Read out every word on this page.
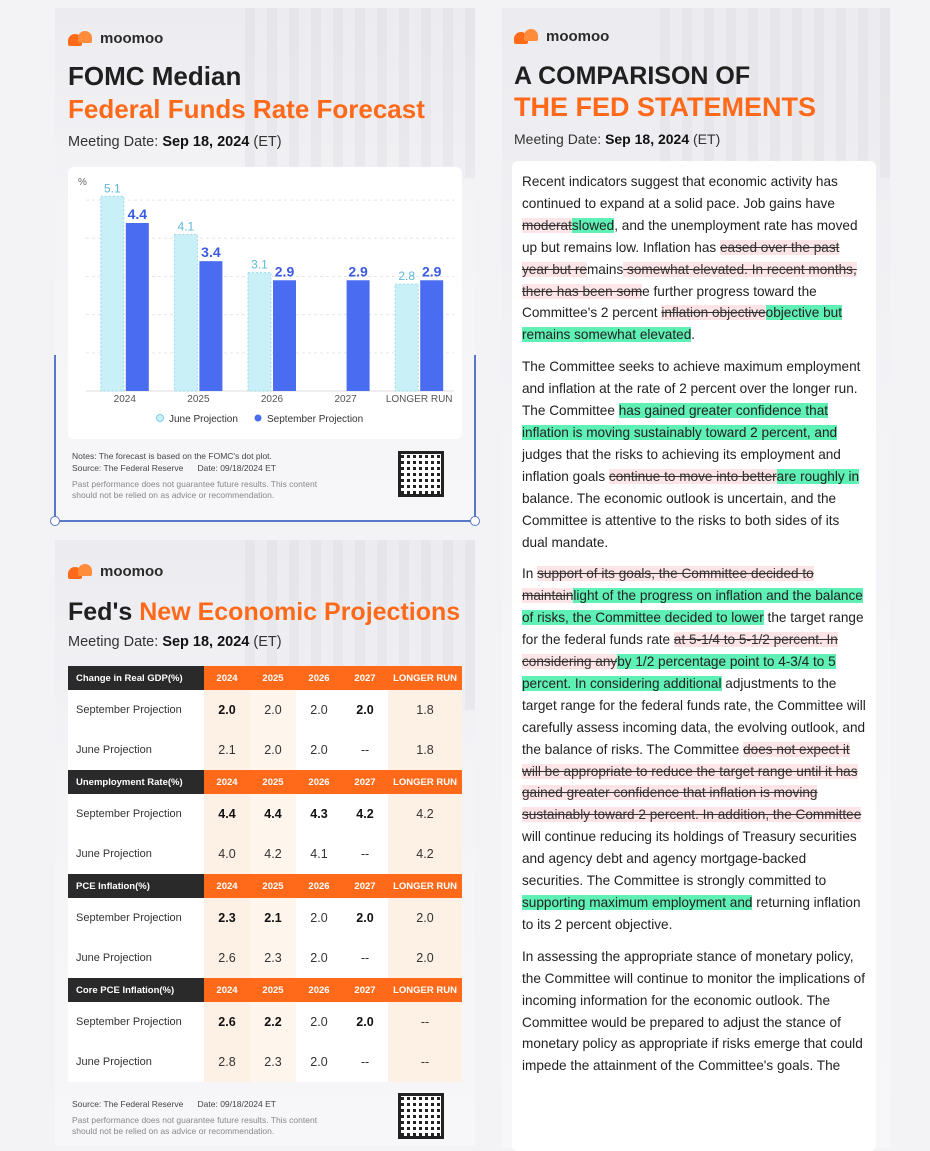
moomoo
FOMC Median
Federal Funds Rate Forecast
Meeting Date: Sep 18, 2024 (ET)
% 5.1
4.4
2024
4.1
3.4
2025
3.1 2.9
2026
2.9
2027
2.8 2.9
LONGER RUN
June Projection	September Projection
Notes: The forecast is based on the FOMC's dot plot.
Source: The Federal Reserve Date: 09/18/2024 ET
Past performance does not guarantee future results. This content
should not be relied on as advice or recommendation.
moomoo
Fed's New Economic Projections
Meeting Date: Sep 18, 2024 (ET)
Change in Real GDP(%)	2024	2025	2026	2027	LONGER RUN
September Projection	2.0	2.0	2.0	2.0	1.8
June Projection	2.1	2.0	2.0	--	1.8
Unemployment Rate(%)	2024	2025	2026	2027	LONGER RUN
September Projection	4.4	4.4	4.3	4.2	4.2
June Projection	4.0	4.2	4.1	--	4.2
PCE Inflation(%)	2024	2025	2026	2027	LONGER RUN
September Projection	2.3	2.1	2.0	2.0	2.0
June Projection	2.6	2.3	2.0	--	2.0
Core PCE Inflation(%)	2024	2025	2026	2027	LONGER RUN
September Projection	2.6	2.2	2.0	2.0	--
June Projection	2.8	2.3	2.0	--	--
Source: The Federal Reserve Date: 09/18/2024 ET
Past performance does not guarantee future results. This content
should not be relied on as advice or recommendation.
moomoo
A COMPARISON OF
THE FED STATEMENTS
Meeting Date: Sep 18, 2024 (ET)

Recent indicators suggest that economic activity has continued to expand at a solid pace. Job gains have moderatslowed, and the unemployment rate has moved up but remains low. Inflation has eased over the past year but remains somewhat elevated. In recent months, there has been some further progress toward the Committee's 2 percent inflation objectiveobjective but remains somewhat elevated.

The Committee seeks to achieve maximum employment and inflation at the rate of 2 percent over the longer run. The Committee has gained greater confidence that inflation is moving sustainably toward 2 percent, and judges that the risks to achieving its employment and inflation goals continue to move into betterare roughly in balance. The economic outlook is uncertain, and the Committee is attentive to the risks to both sides of its dual mandate.

In support of its goals, the Committee decided to maintainlight of the progress on inflation and the balance of risks, the Committee decided to lower the target range for the federal funds rate at 5-1/4 to 5-1/2 percent. In considering anyby 1/2 percentage point to 4-3/4 to 5 percent. In considering additional adjustments to the target range for the federal funds rate, the Committee will carefully assess incoming data, the evolving outlook, and the balance of risks. The Committee does not expect it will be appropriate to reduce the target range until it has gained greater confidence that inflation is moving sustainably toward 2 percent. In addition, the Committee will continue reducing its holdings of Treasury securities and agency debt and agency mortgage-backed securities. The Committee is strongly committed to supporting maximum employment and returning inflation to its 2 percent objective.

In assessing the appropriate stance of monetary policy, the Committee will continue to monitor the implications of incoming information for the economic outlook. The Committee would be prepared to adjust the stance of monetary policy as appropriate if risks emerge that could impede the attainment of the Committee's goals. The
